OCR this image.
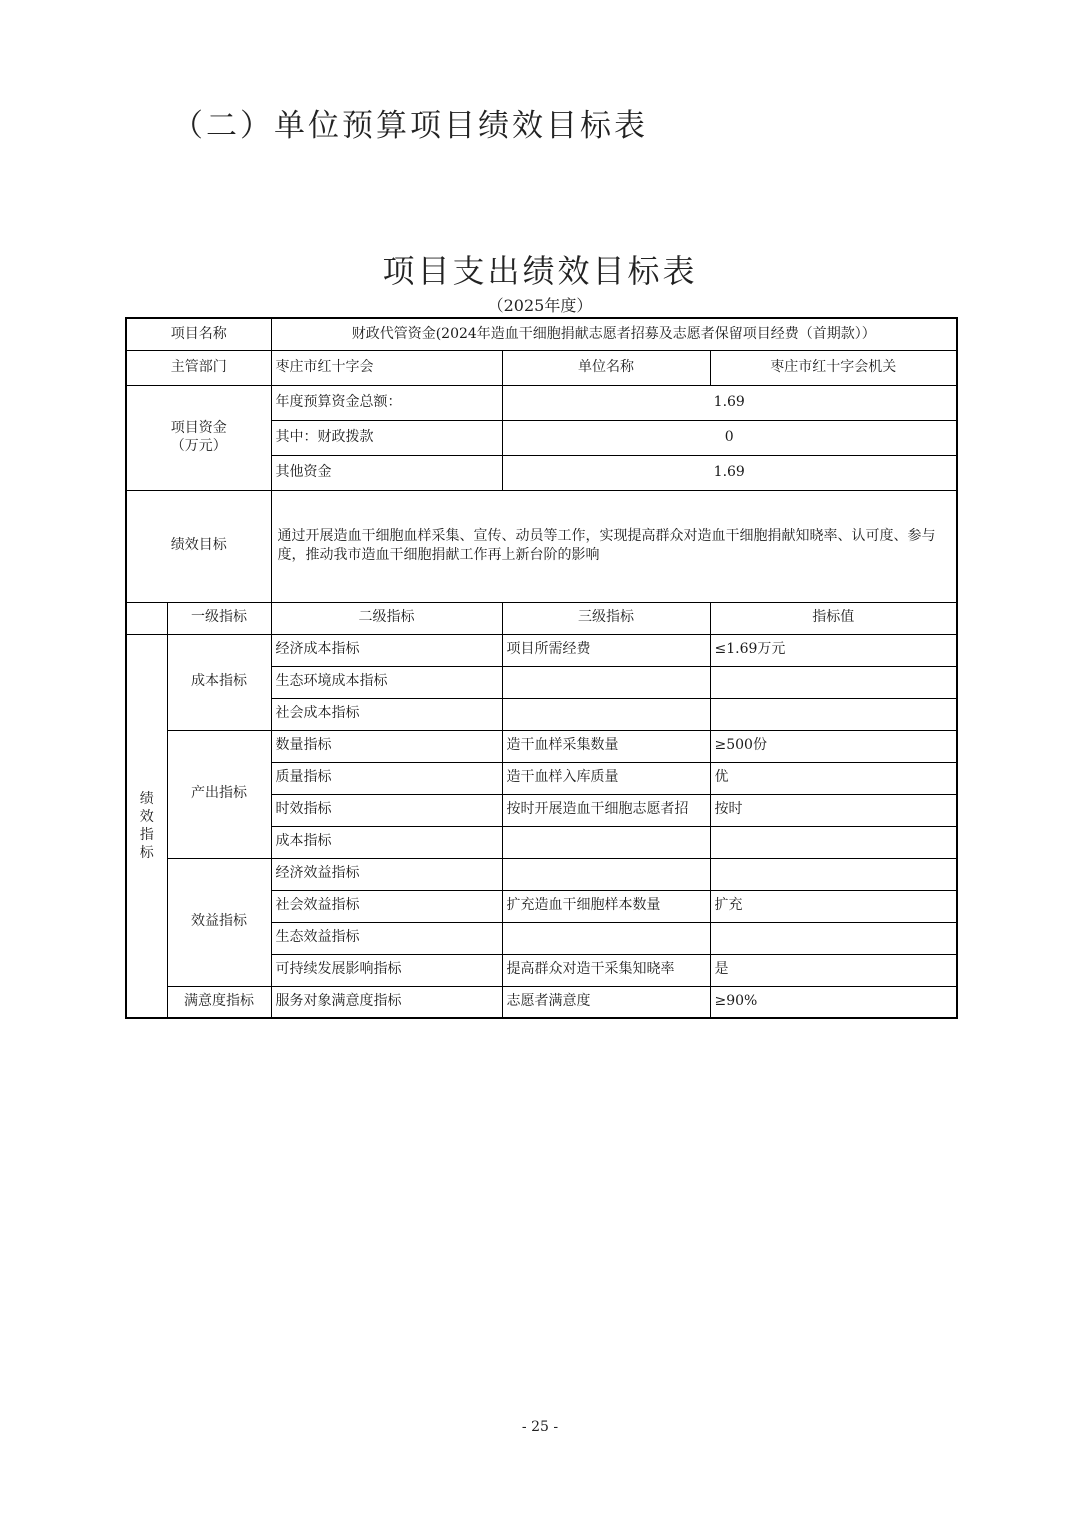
（二）单位预算项目绩效目标表
项目支出绩效目标表
（2025年度）
项目名称		财政代管资金(2024年造血干细胞捐献志愿者招募及志愿者保留项目经费（首期款））		
主管部门		枣庄市红十字会	单位名称	枣庄市红十字会机关

项目资金
（万元）		年度预算资金总额：	1.69	
		其中：财政拨款	0	
		其他资金	1.69	
绩效目标		通过开展造血干细胞血样采集、宣传、动员等工作，实现提高群众对造血干细胞捐献知晓率、认可度、参与度，推动我市造血干细胞捐献工作再上新台阶的影响		
	一级指标	二级指标	三级指标	指标值
绩效指标	成本指标	经济成本指标	项目所需经费	≤1.69万元
		生态环境成本指标		
		社会成本指标		
	产出指标	数量指标	造干血样采集数量	≥500份
		质量指标	造干血样入库质量	优
		时效指标	按时开展造血干细胞志愿者招	按时
		成本指标		
	效益指标	经济效益指标		
		社会效益指标	扩充造血干细胞样本数量	扩充
		生态效益指标		
		可持续发展影响指标	提高群众对造干采集知晓率	是
	满意度指标	服务对象满意度指标	志愿者满意度	≥90%
- 25 -
